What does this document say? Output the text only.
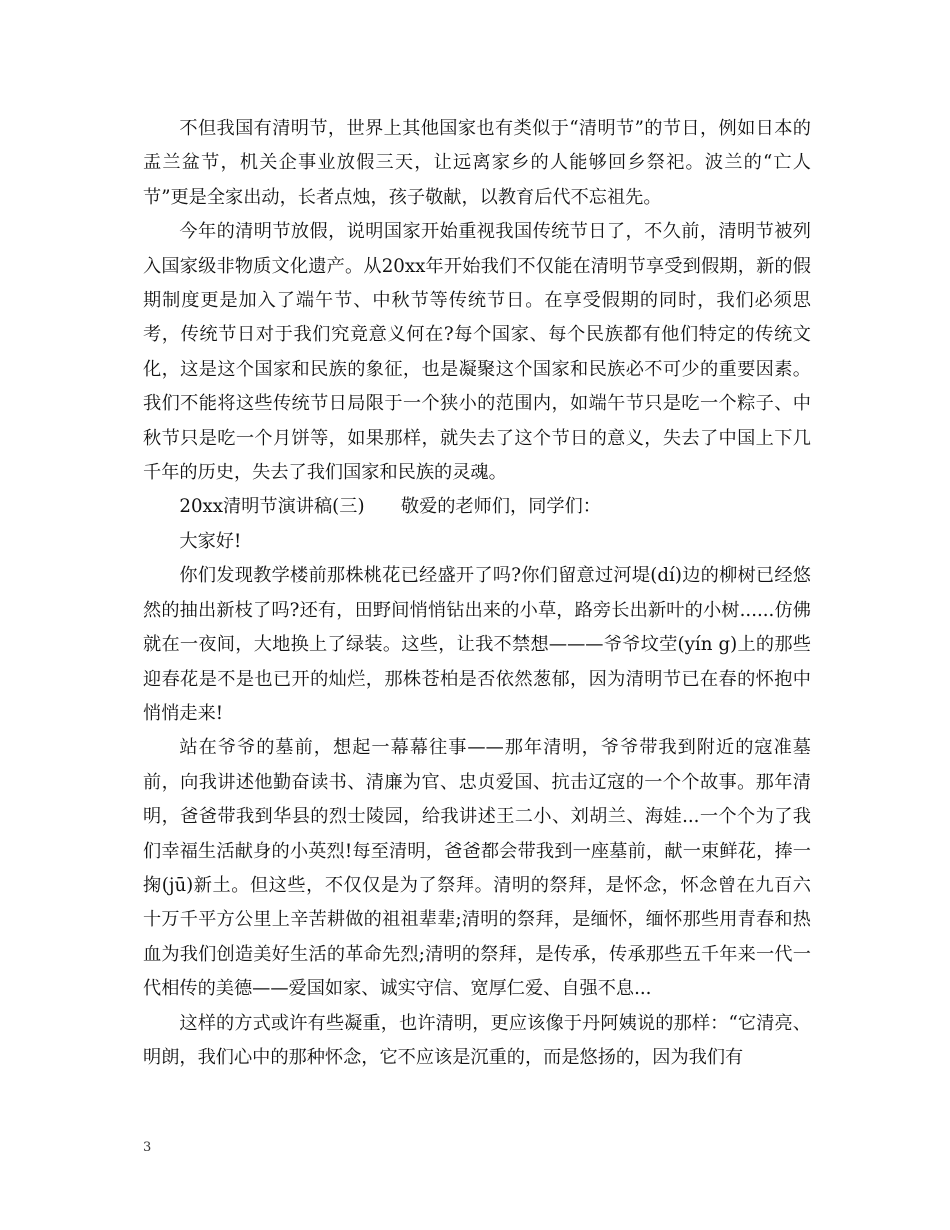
不但我国有清明节，世界上其他国家也有类似于“清明节”的节日，例如日本的盂兰盆节，机关企事业放假三天，让远离家乡的人能够回乡祭祀。波兰的“亡人节”更是全家出动，长者点烛，孩子敬献，以教育后代不忘祖先。

今年的清明节放假，说明国家开始重视我国传统节日了，不久前，清明节被列入国家级非物质文化遗产。从20xx年开始我们不仅能在清明节享受到假期，新的假期制度更是加入了端午节、中秋节等传统节日。在享受假期的同时，我们必须思考，传统节日对于我们究竟意义何在?每个国家、每个民族都有他们特定的传统文化，这是这个国家和民族的象征，也是凝聚这个国家和民族必不可少的重要因素。我们不能将这些传统节日局限于一个狭小的范围内，如端午节只是吃一个粽子、中秋节只是吃一个月饼等，如果那样，就失去了这个节日的意义，失去了中国上下几千年的历史，失去了我们国家和民族的灵魂。

20xx清明节演讲稿(三)　　敬爱的老师们，同学们：

大家好!

你们发现教学楼前那株桃花已经盛开了吗?你们留意过河堤(dí)边的柳树已经悠然的抽出新枝了吗?还有，田野间悄悄钻出来的小草，路旁长出新叶的小树......仿佛就在一夜间，大地换上了绿装。这些，让我不禁想———爷爷坟茔(yín g)上的那些迎春花是不是也已开的灿烂，那株苍柏是否依然葱郁，因为清明节已在春的怀抱中悄悄走来!

站在爷爷的墓前，想起一幕幕往事——那年清明，爷爷带我到附近的寇准墓前，向我讲述他勤奋读书、清廉为官、忠贞爱国、抗击辽寇的一个个故事。那年清明，爸爸带我到华县的烈士陵园，给我讲述王二小、刘胡兰、海娃...一个个为了我们幸福生活献身的小英烈!每至清明，爸爸都会带我到一座墓前，献一束鲜花，捧一掬(jū)新土。但这些，不仅仅是为了祭拜。清明的祭拜，是怀念，怀念曾在九百六十万千平方公里上辛苦耕做的祖祖辈辈;清明的祭拜，是缅怀，缅怀那些用青春和热血为我们创造美好生活的革命先烈;清明的祭拜，是传承，传承那些五千年来一代一代相传的美德——爱国如家、诚实守信、宽厚仁爱、自强不息...

这样的方式或许有些凝重，也许清明，更应该像于丹阿姨说的那样：“它清亮、明朗，我们心中的那种怀念，它不应该是沉重的，而是悠扬的，因为我们有

3
